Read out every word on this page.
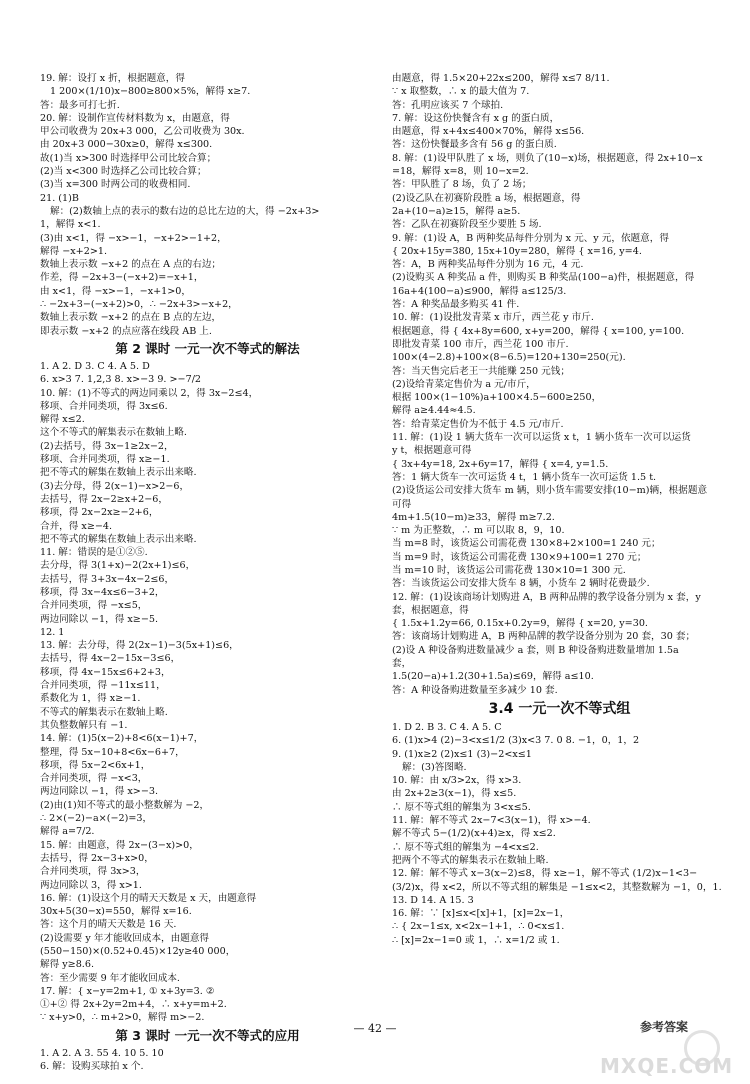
19. 解：设打 x 折，根据题意，得
1 200×(1/10)x−800≥800×5%，解得 x≥7.
答：最多可打七折.
20. 解：设制作宣传材料数为 x，由题意，得
甲公司收费为 20x+3 000，乙公司收费为 30x.
由 20x+3 000−30x≥0，解得 x≤300.
故(1)当 x>300 时选择甲公司比较合算；
(2)当 x<300 时选择乙公司比较合算；
(3)当 x=300 时两公司的收费相同.
21. (1)B
解：(2)数轴上点的表示的数右边的总比左边的大，得 −2x+3>
1，解得 x<1.
(3)由 x<1，得 −x>−1，−x+2>−1+2，
解得 −x+2>1.
数轴上表示数 −x+2 的点在 A 点的右边；
作差，得 −2x+3−(−x+2)=−x+1，
由 x<1，得 −x>−1，−x+1>0，
∴ −2x+3−(−x+2)>0，∴ −2x+3>−x+2，
数轴上表示数 −x+2 的点在 B 点的左边，
即表示数 −x+2 的点应落在线段 AB 上.
第 2 课时 一元一次不等式的解法
1. A 2. D 3. C 4. A 5. D
6. x>3 7. 1,2,3 8. x>−3 9. >−7/2
10. 解：(1)不等式的两边同乘以 2，得 3x−2≤4，
移项、合并同类项，得 3x≤6.
解得 x≤2.
这个不等式的解集表示在数轴上略.
(2)去括号，得 3x−1≥2x−2，
移项、合并同类项，得 x≥−1.
把不等式的解集在数轴上表示出来略.
(3)去分母，得 2(x−1)−x>2−6，
去括号，得 2x−2≥x+2−6，
移项，得 2x−2x≥−2+6，
合并，得 x≥−4.
把不等式的解集在数轴上表示出来略.
11. 解：错误的是①②⑤.
去分母，得 3(1+x)−2(2x+1)≤6，
去括号，得 3+3x−4x−2≤6，
移项，得 3x−4x≤6−3+2，
合并同类项，得 −x≤5，
两边同除以 −1，得 x≥−5.
12. 1
13. 解：去分母，得 2(2x−1)−3(5x+1)≤6，
去括号，得 4x−2−15x−3≤6，
移项，得 4x−15x≤6+2+3，
合并同类项，得 −11x≤11，
系数化为 1，得 x≥−1.
不等式的解集表示在数轴上略.
其负整数解只有 −1.
14. 解：(1)5(x−2)+8<6(x−1)+7，
整理，得 5x−10+8<6x−6+7，
移项，得 5x−2<6x+1，
合并同类项，得 −x<3，
两边同除以 −1，得 x>−3.
(2)由(1)知不等式的最小整数解为 −2，
∴ 2×(−2)−a×(−2)=3，
解得 a=7/2.
15. 解：由题意，得 2x−(3−x)>0，
去括号，得 2x−3+x>0，
合并同类项，得 3x>3，
两边同除以 3，得 x>1.
16. 解：(1)设这个月的晴天天数是 x 天，由题意得
30x+5(30−x)=550，解得 x=16.
答：这个月的晴天天数是 16 天.
(2)设需要 y 年才能收回成本，由题意得
(550−150)×(0.52+0.45)×12y≥40 000，
解得 y≥8.6.
答：至少需要 9 年才能收回成本.
17. 解：{ x−y=2m+1, ① x+3y=3. ②
①+② 得 2x+2y=2m+4，∴ x+y=m+2.
∵ x+y>0，∴ m+2>0，解得 m>−2.
第 3 课时 一元一次不等式的应用
1. A 2. A 3. 55 4. 10 5. 10
6. 解：设购买球拍 x 个.
由题意，得 1.5×20+22x≤200，解得 x≤7 8/11.
∵ x 取整数，∴ x 的最大值为 7.
答：孔明应该买 7 个球拍.
7. 解：设这份快餐含有 x g 的蛋白质，
由题意，得 x+4x≤400×70%，解得 x≤56.
答：这份快餐最多含有 56 g 的蛋白质.
8. 解：(1)设甲队胜了 x 场，则负了(10−x)场，根据题意，得 2x+10−x
=18，解得 x=8，则 10−x=2.
答：甲队胜了 8 场，负了 2 场；
(2)设乙队在初赛阶段胜 a 场，根据题意，得
2a+(10−a)≥15，解得 a≥5.
答：乙队在初赛阶段至少要胜 5 场.
9. 解：(1)设 A，B 两种奖品每件分别为 x 元、y 元，依题意，得
{ 20x+15y=380, 15x+10y=280，解得 { x=16, y=4.
答：A，B 两种奖品每件分别为 16 元，4 元.
(2)设购买 A 种奖品 a 件，则购买 B 种奖品(100−a)件，根据题意，得
16a+4(100−a)≤900，解得 a≤125/3.
答：A 种奖品最多购买 41 件.
10. 解：(1)设批发青菜 x 市斤，西兰花 y 市斤.
根据题意，得 { 4x+8y=600, x+y=200，解得 { x=100, y=100.
即批发青菜 100 市斤，西兰花 100 市斤.
100×(4−2.8)+100×(8−6.5)=120+130=250(元).
答：当天售完后老王一共能赚 250 元钱；
(2)设给青菜定售价为 a 元/市斤，
根据 100×(1−10%)a+100×4.5−600≥250，
解得 a≥4.44≈4.5.
答：给青菜定售价为不低于 4.5 元/市斤.
11. 解：(1)设 1 辆大货车一次可以运货 x t，1 辆小货车一次可以运货
y t，根据题意可得
{ 3x+4y=18, 2x+6y=17，解得 { x=4, y=1.5.
答：1 辆大货车一次可运货 4 t，1 辆小货车一次可运货 1.5 t.
(2)设货运公司安排大货车 m 辆，则小货车需要安排(10−m)辆，根据题意
可得
4m+1.5(10−m)≥33，解得 m≥7.2.
∵ m 为正整数，∴ m 可以取 8，9，10.
当 m=8 时，该货运公司需花费 130×8+2×100=1 240 元；
当 m=9 时，该货运公司需花费 130×9+100=1 270 元；
当 m=10 时，该货运公司需花费 130×10=1 300 元.
答：当该货运公司安排大货车 8 辆，小货车 2 辆时花费最少.
12. 解：(1)设该商场计划购进 A，B 两种品牌的教学设备分别为 x 套，y
套，根据题意，得
{ 1.5x+1.2y=66, 0.15x+0.2y=9，解得 { x=20, y=30.
答：该商场计划购进 A，B 两种品牌的教学设备分别为 20 套，30 套；
(2)设 A 种设备购进数量减少 a 套，则 B 种设备购进数量增加 1.5a
套，
1.5(20−a)+1.2(30+1.5a)≤69，解得 a≤10.
答：A 种设备购进数量至多减少 10 套.
3.4 一元一次不等式组
1. D 2. B 3. C 4. A 5. C
6. (1)x>4 (2)−3<x≤1/2 (3)x<3 7. 0 8. −1，0，1，2
9. (1)x≥2 (2)x≤1 (3)−2<x≤1
解：(3)答图略.
10. 解：由 x/3>2x，得 x>3.
由 2x+2≥3(x−1)，得 x≤5.
∴ 原不等式组的解集为 3<x≤5.
11. 解：解不等式 2x−7<3(x−1)，得 x>−4.
解不等式 5−(1/2)(x+4)≥x，得 x≤2.
∴ 原不等式组的解集为 −4<x≤2.
把两个不等式的解集表示在数轴上略.
12. 解：解不等式 x−3(x−2)≤8，得 x≥−1，解不等式 (1/2)x−1<3−
(3/2)x，得 x<2，所以不等式组的解集是 −1≤x<2，其整数解为 −1，0，1.
13. D 14. A 15. 3
16. 解：∵ [x]≤x<[x]+1，[x]=2x−1，
∴ { 2x−1≤x, x<2x−1+1，∴ 0<x≤1.
∴ [x]=2x−1=0 或 1，∴ x=1/2 或 1.
— 42 —	参考答案
MXQE.COM
